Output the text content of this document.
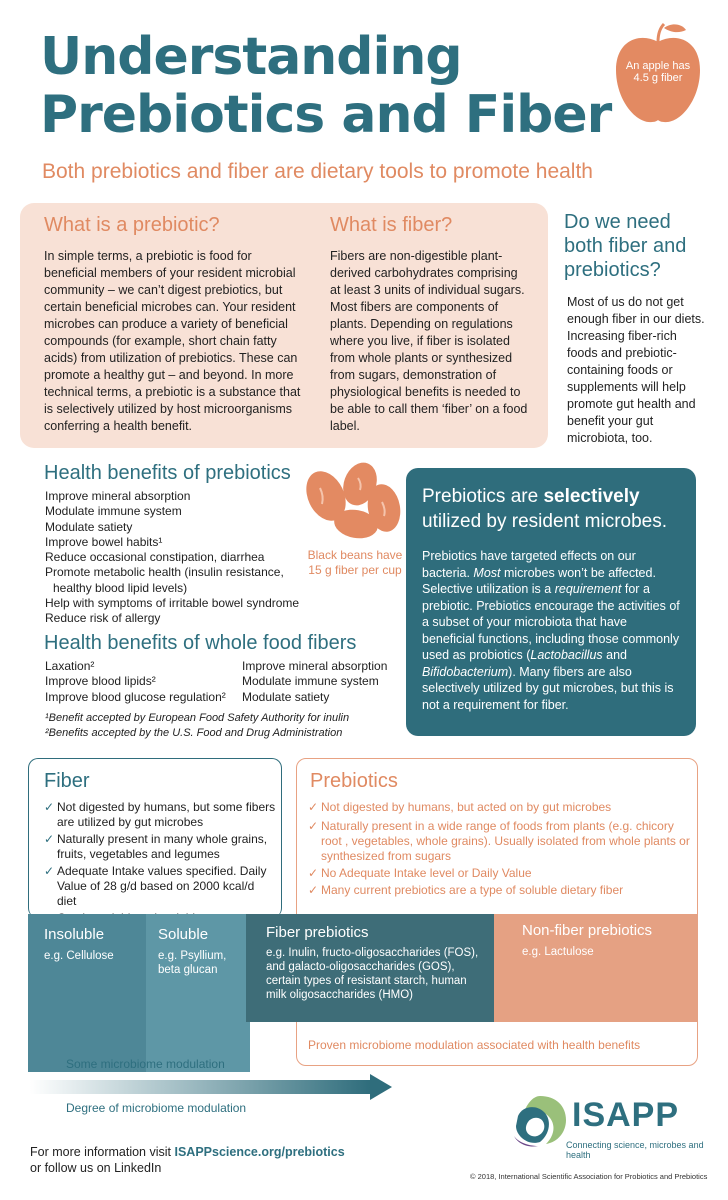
Understanding Prebiotics and Fiber
Both prebiotics and fiber are dietary tools to promote health
An apple has 4.5 g fiber
What is a prebiotic?
In simple terms, a prebiotic is food for beneficial members of your resident microbial community – we can’t digest prebiotics, but certain beneficial microbes can. Your resident microbes can produce a variety of beneficial compounds (for example, short chain fatty acids) from utilization of prebiotics. These can promote a healthy gut – and beyond. In more technical terms, a prebiotic is a substance that is selectively utilized by host microorganisms conferring a health benefit.
What is fiber?
Fibers are non-digestible plant-derived carbohydrates comprising at least 3 units of individual sugars. Most fibers are components of plants. Depending on regulations where you live, if fiber is isolated from whole plants or synthesized from sugars, demonstration of physiological benefits is needed to be able to call them ‘fiber’ on a food label.
Do we need both fiber and prebiotics?
Most of us do not get enough fiber in our diets. Increasing fiber-rich foods and prebiotic-containing foods or supplements will help promote gut health and benefit your gut microbiota, too.
Health benefits of prebiotics
Improve mineral absorption
Modulate immune system
Modulate satiety
Improve bowel habits¹
Reduce occasional constipation, diarrhea
Promote metabolic health (insulin resistance,
healthy blood lipid levels)
Help with symptoms of irritable bowel syndrome
Reduce risk of allergy
Black beans have 15 g fiber per cup
Health benefits of whole food fibers
Laxation²
Improve blood lipids²
Improve blood glucose regulation²
Improve mineral absorption
Modulate immune system
Modulate satiety
¹Benefit accepted by European Food Safety Authority for inulin
²Benefits accepted by the U.S. Food and Drug Administration
Prebiotics are selectively utilized by resident microbes.
Prebiotics have targeted effects on our bacteria. Most microbes won’t be affected. Selective utilization is a requirement for a prebiotic. Prebiotics encourage the activities of a subset of your microbiota that have beneficial functions, including those commonly used as probiotics (Lactobacillus and Bifidobacterium). Many fibers are also selectively utilized by gut microbes, but this is not a requirement for fiber.
Fiber
✓ Not digested by humans, but some fibers are utilized by gut microbes
✓ Naturally present in many whole grains, fruits, vegetables and legumes
✓ Adequate Intake values specified. Daily Value of 28 g/d based on 2000 kcal/d diet
Prebiotics
✓ Not digested by humans, but acted on by gut microbes
✓ Naturally present in a wide range of foods from plants (e.g. chicory root , vegetables, whole grains). Usually isolated from whole plants or synthesized from sugars
✓ No Adequate Intake level or Daily Value
✓ Many current prebiotics are a type of soluble dietary fiber
Insoluble
e.g. Cellulose
Soluble
e.g. Psyllium, beta glucan
Fiber prebiotics
e.g. Inulin, fructo-oligosaccharides (FOS), and galacto-oligosaccharides (GOS), certain types of resistant starch, human milk oligosaccharides (HMO)
Non-fiber prebiotics
e.g. Lactulose
Proven microbiome modulation associated with health benefits
Some microbiome modulation
Degree of microbiome modulation
For more information visit ISAPPscience.org/prebiotics
or follow us on LinkedIn
ISAPP
Connecting science, microbes and health
© 2018, International Scientific Association for Probiotics and Prebiotics
